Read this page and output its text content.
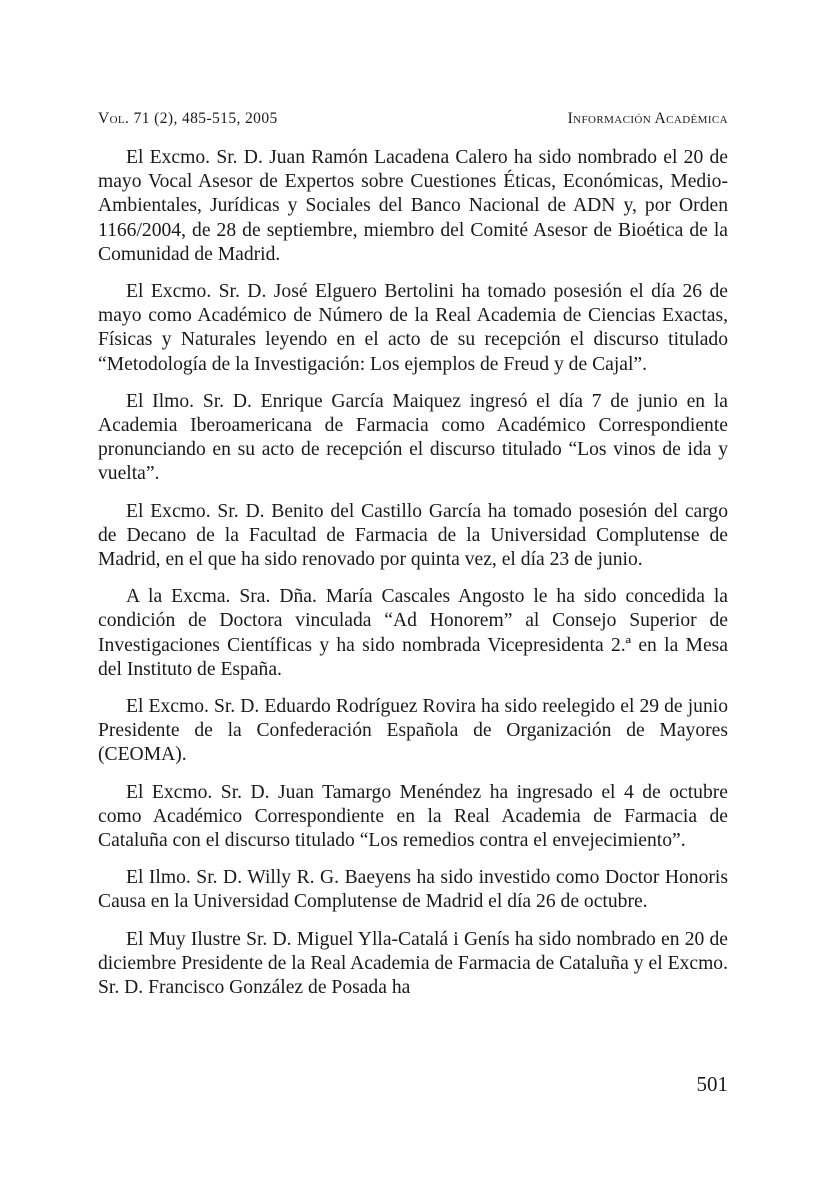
Vol. 71 (2), 485-515, 2005	Información Académica

El Excmo. Sr. D. Juan Ramón Lacadena Calero ha sido nombrado el 20 de mayo Vocal Asesor de Expertos sobre Cuestiones Éticas, Económicas, Medio-Ambientales, Jurídicas y Sociales del Banco Nacional de ADN y, por Orden 1166/2004, de 28 de septiembre, miembro del Comité Asesor de Bioética de la Comunidad de Madrid.

El Excmo. Sr. D. José Elguero Bertolini ha tomado posesión el día 26 de mayo como Académico de Número de la Real Academia de Ciencias Exactas, Físicas y Naturales leyendo en el acto de su recepción el discurso titulado “Metodología de la Investigación: Los ejemplos de Freud y de Cajal”.

El Ilmo. Sr. D. Enrique García Maiquez ingresó el día 7 de junio en la Academia Iberoamericana de Farmacia como Académico Correspondiente pronunciando en su acto de recepción el discurso titulado “Los vinos de ida y vuelta”.

El Excmo. Sr. D. Benito del Castillo García ha tomado posesión del cargo de Decano de la Facultad de Farmacia de la Universidad Complutense de Madrid, en el que ha sido renovado por quinta vez, el día 23 de junio.

A la Excma. Sra. Dña. María Cascales Angosto le ha sido concedida la condición de Doctora vinculada “Ad Honorem” al Consejo Superior de Investigaciones Científicas y ha sido nombrada Vicepresidenta 2.ª en la Mesa del Instituto de España.

El Excmo. Sr. D. Eduardo Rodríguez Rovira ha sido reelegido el 29 de junio Presidente de la Confederación Española de Organización de Mayores (CEOMA).

El Excmo. Sr. D. Juan Tamargo Menéndez ha ingresado el 4 de octubre como Académico Correspondiente en la Real Academia de Farmacia de Cataluña con el discurso titulado “Los remedios contra el envejecimiento”.

El Ilmo. Sr. D. Willy R. G. Baeyens ha sido investido como Doctor Honoris Causa en la Universidad Complutense de Madrid el día 26 de octubre.

El Muy Ilustre Sr. D. Miguel Ylla-Catalá i Genís ha sido nombrado en 20 de diciembre Presidente de la Real Academia de Farmacia de Cataluña y el Excmo. Sr. D. Francisco González de Posada ha

501
